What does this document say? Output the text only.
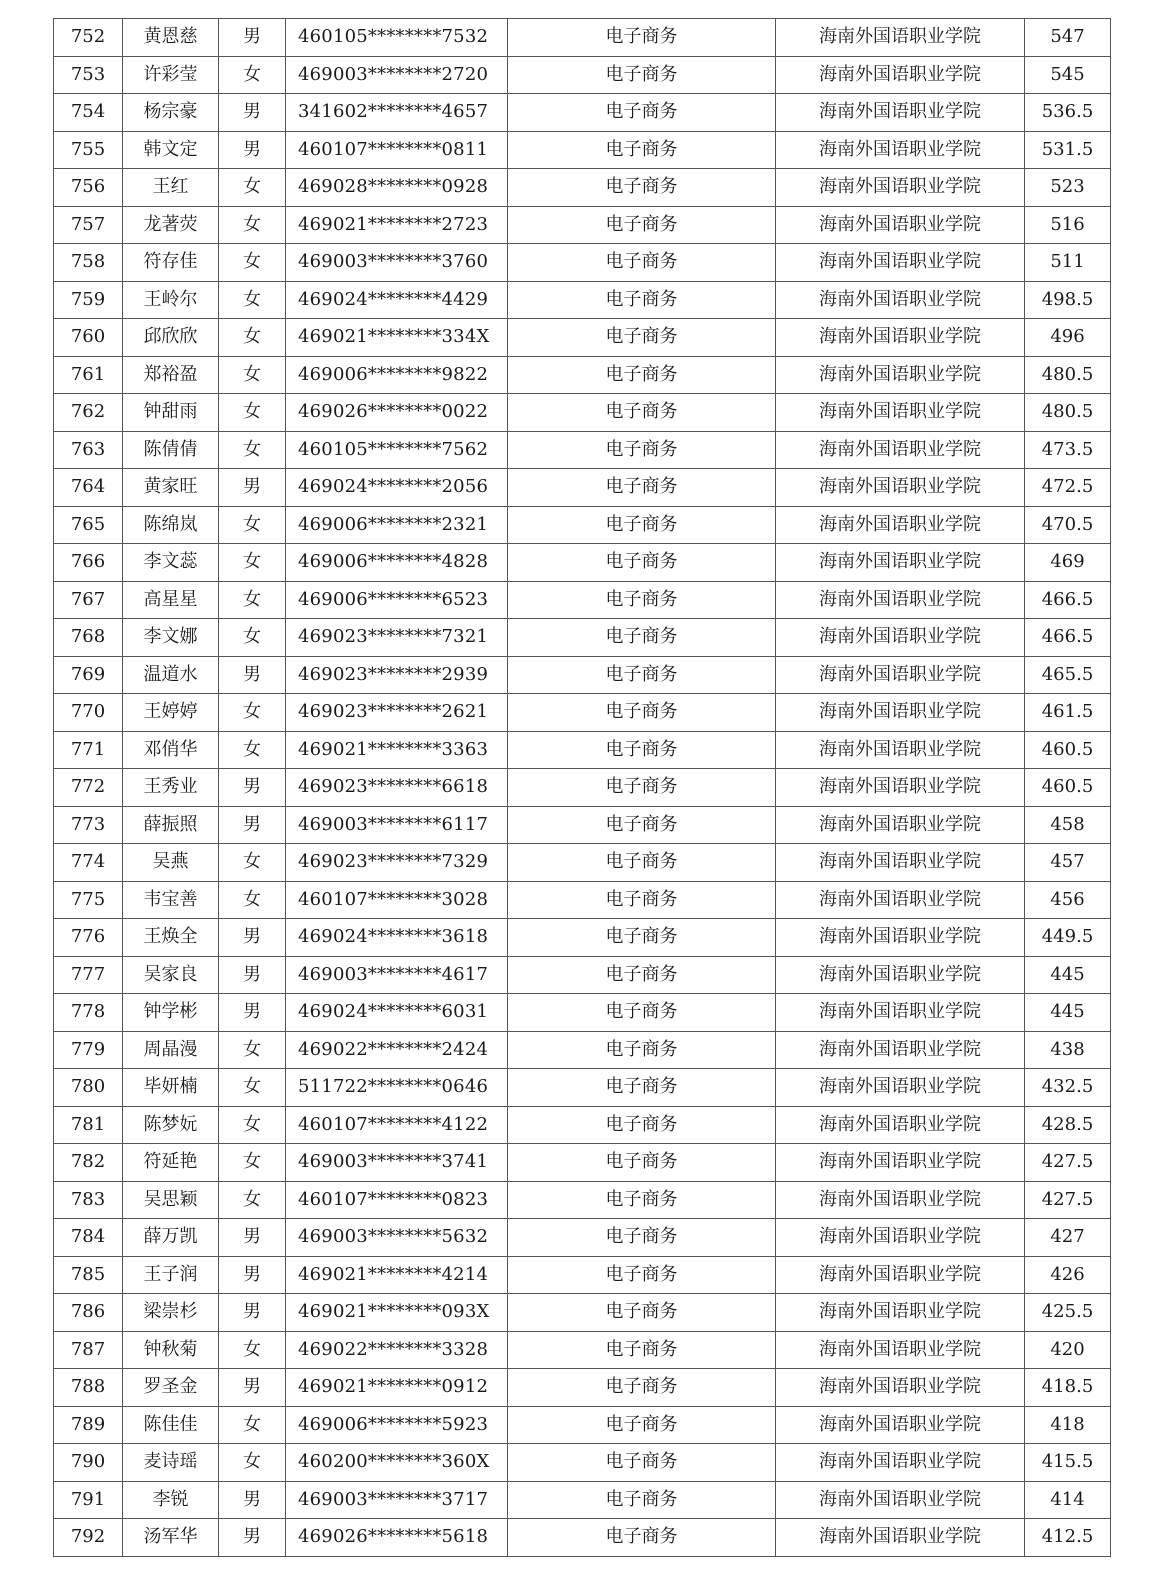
752	黄恩慈	男	460105********7532	电子商务	海南外国语职业学院	547
753	许彩莹	女	469003********2720	电子商务	海南外国语职业学院	545
754	杨宗豪	男	341602********4657	电子商务	海南外国语职业学院	536.5
755	韩文定	男	460107********0811	电子商务	海南外国语职业学院	531.5
756	王红	女	469028********0928	电子商务	海南外国语职业学院	523
757	龙著荧	女	469021********2723	电子商务	海南外国语职业学院	516
758	符存佳	女	469003********3760	电子商务	海南外国语职业学院	511
759	王岭尔	女	469024********4429	电子商务	海南外国语职业学院	498.5
760	邱欣欣	女	469021********334X	电子商务	海南外国语职业学院	496
761	郑裕盈	女	469006********9822	电子商务	海南外国语职业学院	480.5
762	钟甜雨	女	469026********0022	电子商务	海南外国语职业学院	480.5
763	陈倩倩	女	460105********7562	电子商务	海南外国语职业学院	473.5
764	黄家旺	男	469024********2056	电子商务	海南外国语职业学院	472.5
765	陈绵岚	女	469006********2321	电子商务	海南外国语职业学院	470.5
766	李文蕊	女	469006********4828	电子商务	海南外国语职业学院	469
767	高星星	女	469006********6523	电子商务	海南外国语职业学院	466.5
768	李文娜	女	469023********7321	电子商务	海南外国语职业学院	466.5
769	温道水	男	469023********2939	电子商务	海南外国语职业学院	465.5
770	王婷婷	女	469023********2621	电子商务	海南外国语职业学院	461.5
771	邓俏华	女	469021********3363	电子商务	海南外国语职业学院	460.5
772	王秀业	男	469023********6618	电子商务	海南外国语职业学院	460.5
773	薛振照	男	469003********6117	电子商务	海南外国语职业学院	458
774	吴燕	女	469023********7329	电子商务	海南外国语职业学院	457
775	韦宝善	女	460107********3028	电子商务	海南外国语职业学院	456
776	王焕全	男	469024********3618	电子商务	海南外国语职业学院	449.5
777	吴家良	男	469003********4617	电子商务	海南外国语职业学院	445
778	钟学彬	男	469024********6031	电子商务	海南外国语职业学院	445
779	周晶漫	女	469022********2424	电子商务	海南外国语职业学院	438
780	毕妍楠	女	511722********0646	电子商务	海南外国语职业学院	432.5
781	陈梦妧	女	460107********4122	电子商务	海南外国语职业学院	428.5
782	符延艳	女	469003********3741	电子商务	海南外国语职业学院	427.5
783	吴思颖	女	460107********0823	电子商务	海南外国语职业学院	427.5
784	薛万凯	男	469003********5632	电子商务	海南外国语职业学院	427
785	王子润	男	469021********4214	电子商务	海南外国语职业学院	426
786	梁崇杉	男	469021********093X	电子商务	海南外国语职业学院	425.5
787	钟秋菊	女	469022********3328	电子商务	海南外国语职业学院	420
788	罗圣金	男	469021********0912	电子商务	海南外国语职业学院	418.5
789	陈佳佳	女	469006********5923	电子商务	海南外国语职业学院	418
790	麦诗瑶	女	460200********360X	电子商务	海南外国语职业学院	415.5
791	李锐	男	469003********3717	电子商务	海南外国语职业学院	414
792	汤军华	男	469026********5618	电子商务	海南外国语职业学院	412.5
